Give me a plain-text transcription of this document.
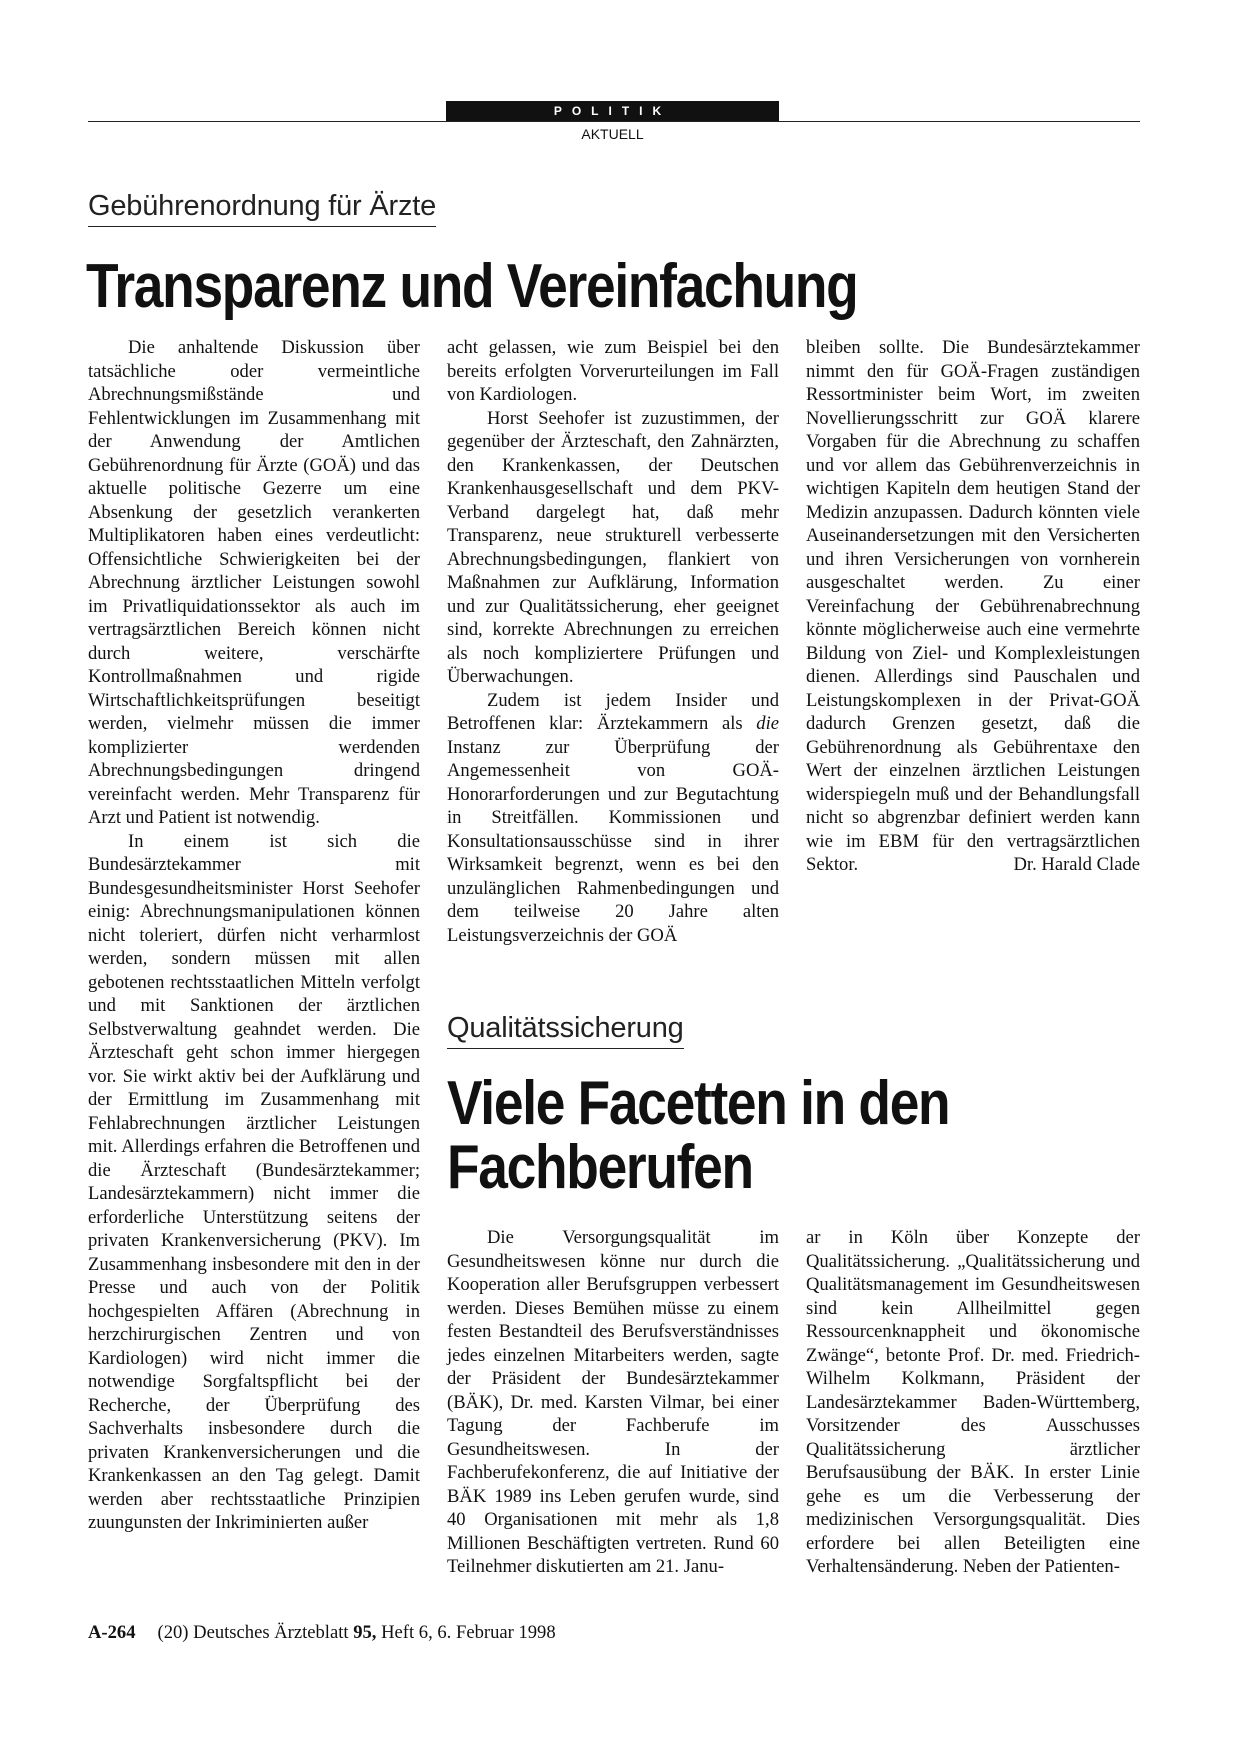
POLITIK
AKTUELL
Gebührenordnung für Ärzte
Transparenz und Vereinfachung

Die anhaltende Diskussion über tatsächliche oder vermeintliche Abrechnungsmißstände und Fehlentwicklungen im Zusammenhang mit der Anwendung der Amtlichen Gebührenordnung für Ärzte (GOÄ) und das aktuelle politische Gezerre um eine Absenkung der gesetzlich verankerten Multiplikatoren haben eines verdeutlicht: Offensichtliche Schwierigkeiten bei der Abrechnung ärztlicher Leistungen sowohl im Privatliquidationssektor als auch im vertragsärztlichen Bereich können nicht durch weitere, verschärfte Kontrollmaßnahmen und rigide Wirtschaftlichkeitsprüfungen beseitigt werden, vielmehr müssen die immer komplizierter werdenden Abrechnungsbedingungen dringend vereinfacht werden. Mehr Transparenz für Arzt und Patient ist notwendig.

In einem ist sich die Bundesärztekammer mit Bundesgesundheitsminister Horst Seehofer einig: Abrechnungsmanipulationen können nicht toleriert, dürfen nicht verharmlost werden, sondern müssen mit allen gebotenen rechtsstaatlichen Mitteln verfolgt und mit Sanktionen der ärztlichen Selbstverwaltung geahndet werden. Die Ärzteschaft geht schon immer hiergegen vor. Sie wirkt aktiv bei der Aufklärung und der Ermittlung im Zusammenhang mit Fehlabrechnungen ärztlicher Leistungen mit. Allerdings erfahren die Betroffenen und die Ärzteschaft (Bundesärztekammer; Landesärztekammern) nicht immer die erforderliche Unterstützung seitens der privaten Krankenversicherung (PKV). Im Zusammenhang insbesondere mit den in der Presse und auch von der Politik hochgespielten Affären (Abrechnung in herzchirurgischen Zentren und von Kardiologen) wird nicht immer die notwendige Sorgfaltspflicht bei der Recherche, der Überprüfung des Sachverhalts insbesondere durch die privaten Krankenversicherungen und die Krankenkassen an den Tag gelegt. Damit werden aber rechtsstaatliche Prinzipien zuungunsten der Inkriminierten außer

acht gelassen, wie zum Beispiel bei den bereits erfolgten Vorverurteilungen im Fall von Kardiologen.

Horst Seehofer ist zuzustimmen, der gegenüber der Ärzteschaft, den Zahnärzten, den Krankenkassen, der Deutschen Krankenhausgesellschaft und dem PKV-Verband dargelegt hat, daß mehr Transparenz, neue strukturell verbesserte Abrechnungsbedingungen, flankiert von Maßnahmen zur Aufklärung, Information und zur Qualitätssicherung, eher geeignet sind, korrekte Abrechnungen zu erreichen als noch kompliziertere Prüfungen und Überwachungen.

Zudem ist jedem Insider und Betroffenen klar: Ärztekammern als die Instanz zur Überprüfung der Angemessenheit von GOÄ-Honorarforderungen und zur Begutachtung in Streitfällen. Kommissionen und Konsultationsausschüsse sind in ihrer Wirksamkeit begrenzt, wenn es bei den unzulänglichen Rahmenbedingungen und dem teilweise 20 Jahre alten Leistungsverzeichnis der GOÄ

bleiben sollte. Die Bundesärztekammer nimmt den für GOÄ-Fragen zuständigen Ressortminister beim Wort, im zweiten Novellierungsschritt zur GOÄ klarere Vorgaben für die Abrechnung zu schaffen und vor allem das Gebührenverzeichnis in wichtigen Kapiteln dem heutigen Stand der Medizin anzupassen. Dadurch könnten viele Auseinandersetzungen mit den Versicherten und ihren Versicherungen von vornherein ausgeschaltet werden. Zu einer Vereinfachung der Gebührenabrechnung könnte möglicherweise auch eine vermehrte Bildung von Ziel- und Komplexleistungen dienen. Allerdings sind Pauschalen und Leistungskomplexen in der Privat-GOÄ dadurch Grenzen gesetzt, daß die Gebührenordnung als Gebührentaxe den Wert der einzelnen ärztlichen Leistungen widerspiegeln muß und der Behandlungsfall nicht so abgrenzbar definiert werden kann wie im EBM für den vertragsärztlichen Sektor.	Dr. Harald Clade

Qualitätssicherung
Viele Facetten in den
Fachberufen

Die Versorgungsqualität im Gesundheitswesen könne nur durch die Kooperation aller Berufsgruppen verbessert werden. Dieses Bemühen müsse zu einem festen Bestandteil des Berufsverständnisses jedes einzelnen Mitarbeiters werden, sagte der Präsident der Bundesärztekammer (BÄK), Dr. med. Karsten Vilmar, bei einer Tagung der Fachberufe im Gesundheitswesen. In der Fachberufekonferenz, die auf Initiative der BÄK 1989 ins Leben gerufen wurde, sind 40 Organisationen mit mehr als 1,8 Millionen Beschäftigten vertreten. Rund 60 Teilnehmer diskutierten am 21. Janu-

ar in Köln über Konzepte der Qualitätssicherung. „Qualitätssicherung und Qualitätsmanagement im Gesundheitswesen sind kein Allheilmittel gegen Ressourcenknappheit und ökonomische Zwänge“, betonte Prof. Dr. med. Friedrich-Wilhelm Kolkmann, Präsident der Landesärztekammer Baden-Württemberg, Vorsitzender des Ausschusses Qualitätssicherung ärztlicher Berufsausübung der BÄK. In erster Linie gehe es um die Verbesserung der medizinischen Versorgungsqualität. Dies erfordere bei allen Beteiligten eine Verhaltensänderung. Neben der Patienten-

A-264 (20) Deutsches Ärzteblatt 95, Heft 6, 6. Februar 1998
